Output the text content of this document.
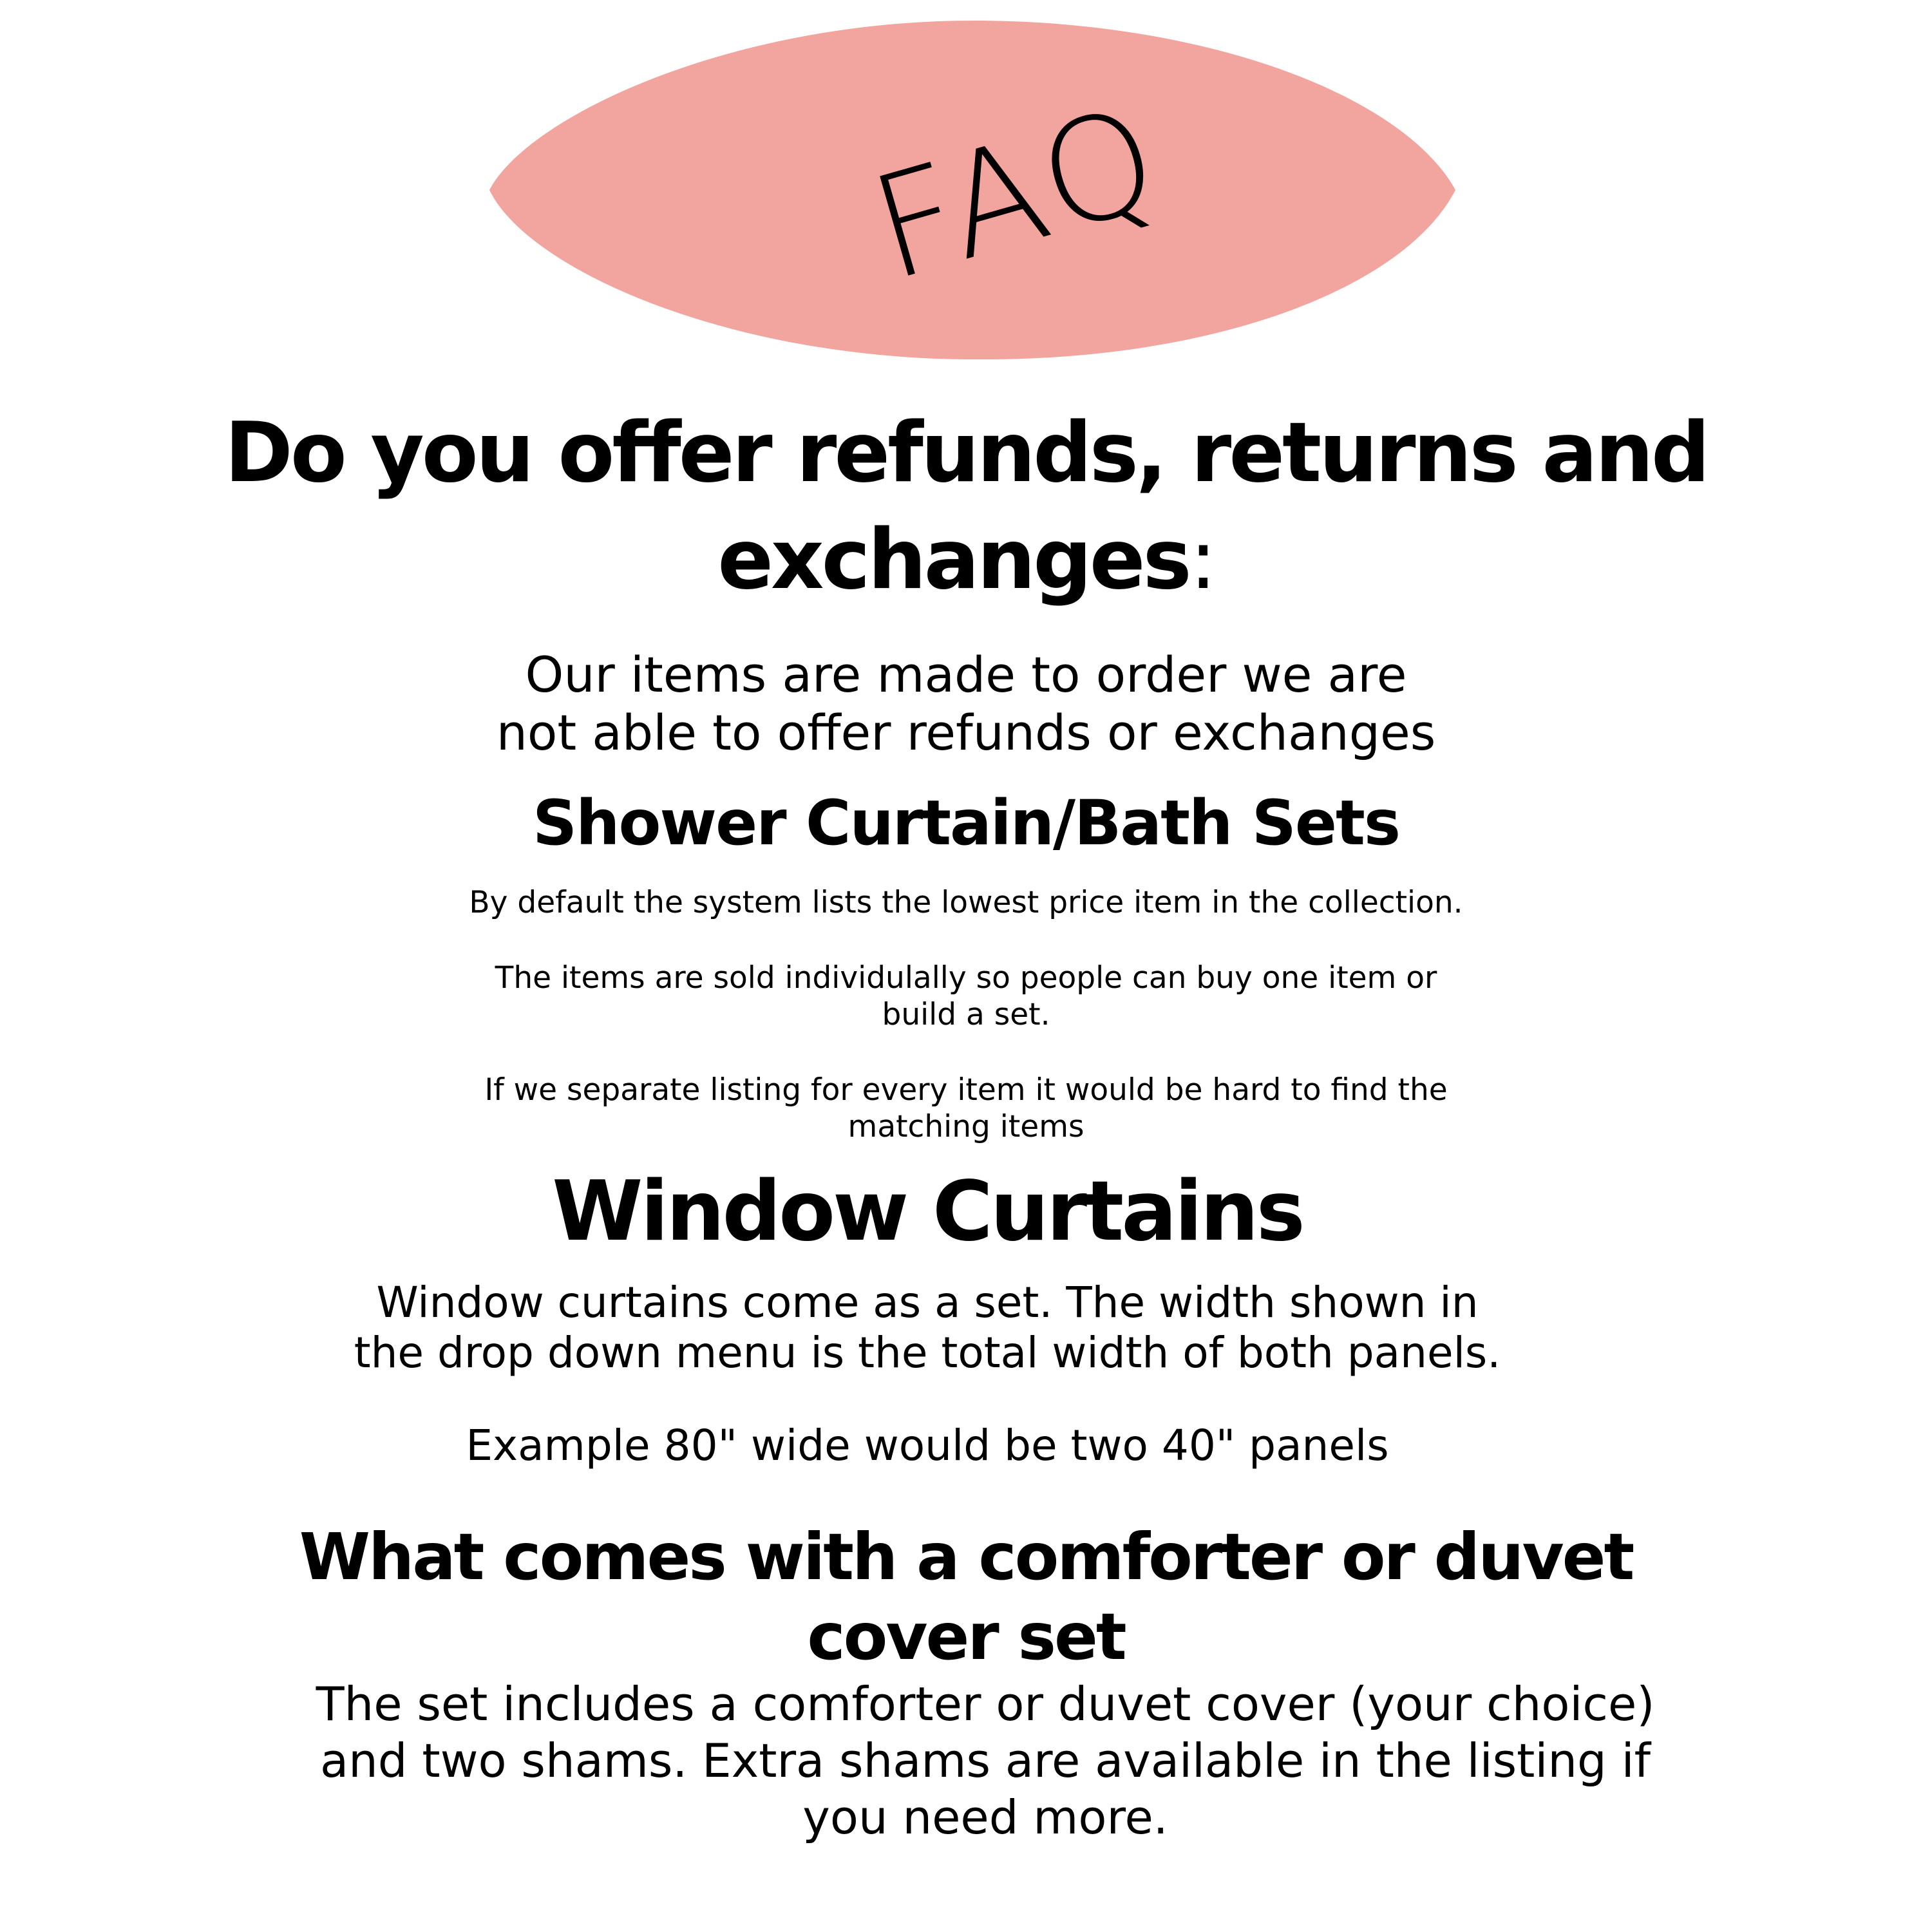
FAQ
Do you offer refunds, returns and
exchanges:
Our items are made to order we are
not able to offer refunds or exchanges
Shower Curtain/Bath Sets
By default the system lists the lowest price item in the collection.
The items are sold individulally so people can buy one item or
build a set.
If we separate listing for every item it would be hard to find the
matching items
Window Curtains
Window curtains come as a set. The width shown in
the drop down menu is the total width of both panels.
Example 80" wide would be two 40" panels
What comes with a comforter or duvet
cover set
The set includes a comforter or duvet cover (your choice)
and two shams. Extra shams are available in the listing if
you need more.
